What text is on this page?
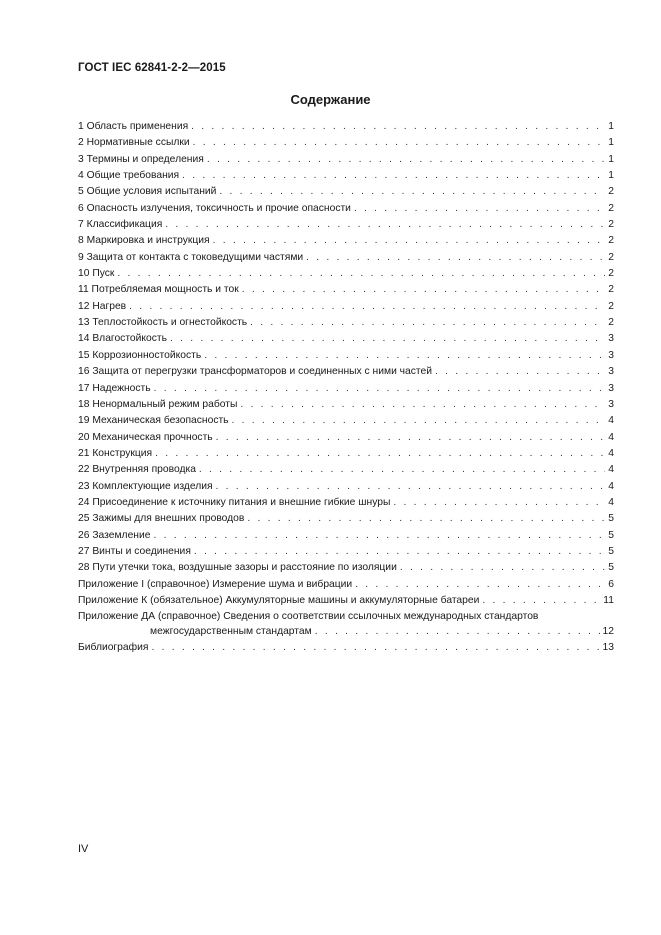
ГОСТ IEC 62841-2-2—2015
Содержание
1 Область применения . . .	1
2 Нормативные ссылки . . .	1
3 Термины и определения . . .	1
4 Общие требования . . .	1
5 Общие условия испытаний . . .	2
6 Опасность излучения, токсичность и прочие опасности . . .	2
7 Классификация . . .	2
8 Маркировка и инструкция . . .	2
9 Защита от контакта с токоведущими частями . . .	2
10 Пуск . . .	2
11 Потребляемая мощность и ток . . .	2
12 Нагрев . . .	2
13 Теплостойкость и огнестойкость . . .	2
14 Влагостойкость . . .	3
15 Коррозионностойкость . . .	3
16 Защита от перегрузки трансформаторов и соединенных с ними частей . . .	3
17 Надежность . . .	3
18 Ненормальный режим работы . . .	3
19 Механическая безопасность . . .	4
20 Механическая прочность . . .	4
21 Конструкция . . .	4
22 Внутренняя проводка . . .	4
23 Комплектующие изделия . . .	4
24 Присоединение к источнику питания и внешние гибкие шнуры . . .	4
25 Зажимы для внешних проводов . . .	5
26 Заземление . . .	5
27 Винты и соединения . . .	5
28 Пути утечки тока, воздушные зазоры и расстояние по изоляции . . .	5
Приложение I (справочное) Измерение шума и вибрации . . .	6
Приложение К (обязательное) Аккумуляторные машины и аккумуляторные батареи . . .	11
Приложение ДА (справочное) Сведения о соответствии ссылочных международных стандартов
межгосударственным стандартам . . .	12
Библиография . . .	13
IV
